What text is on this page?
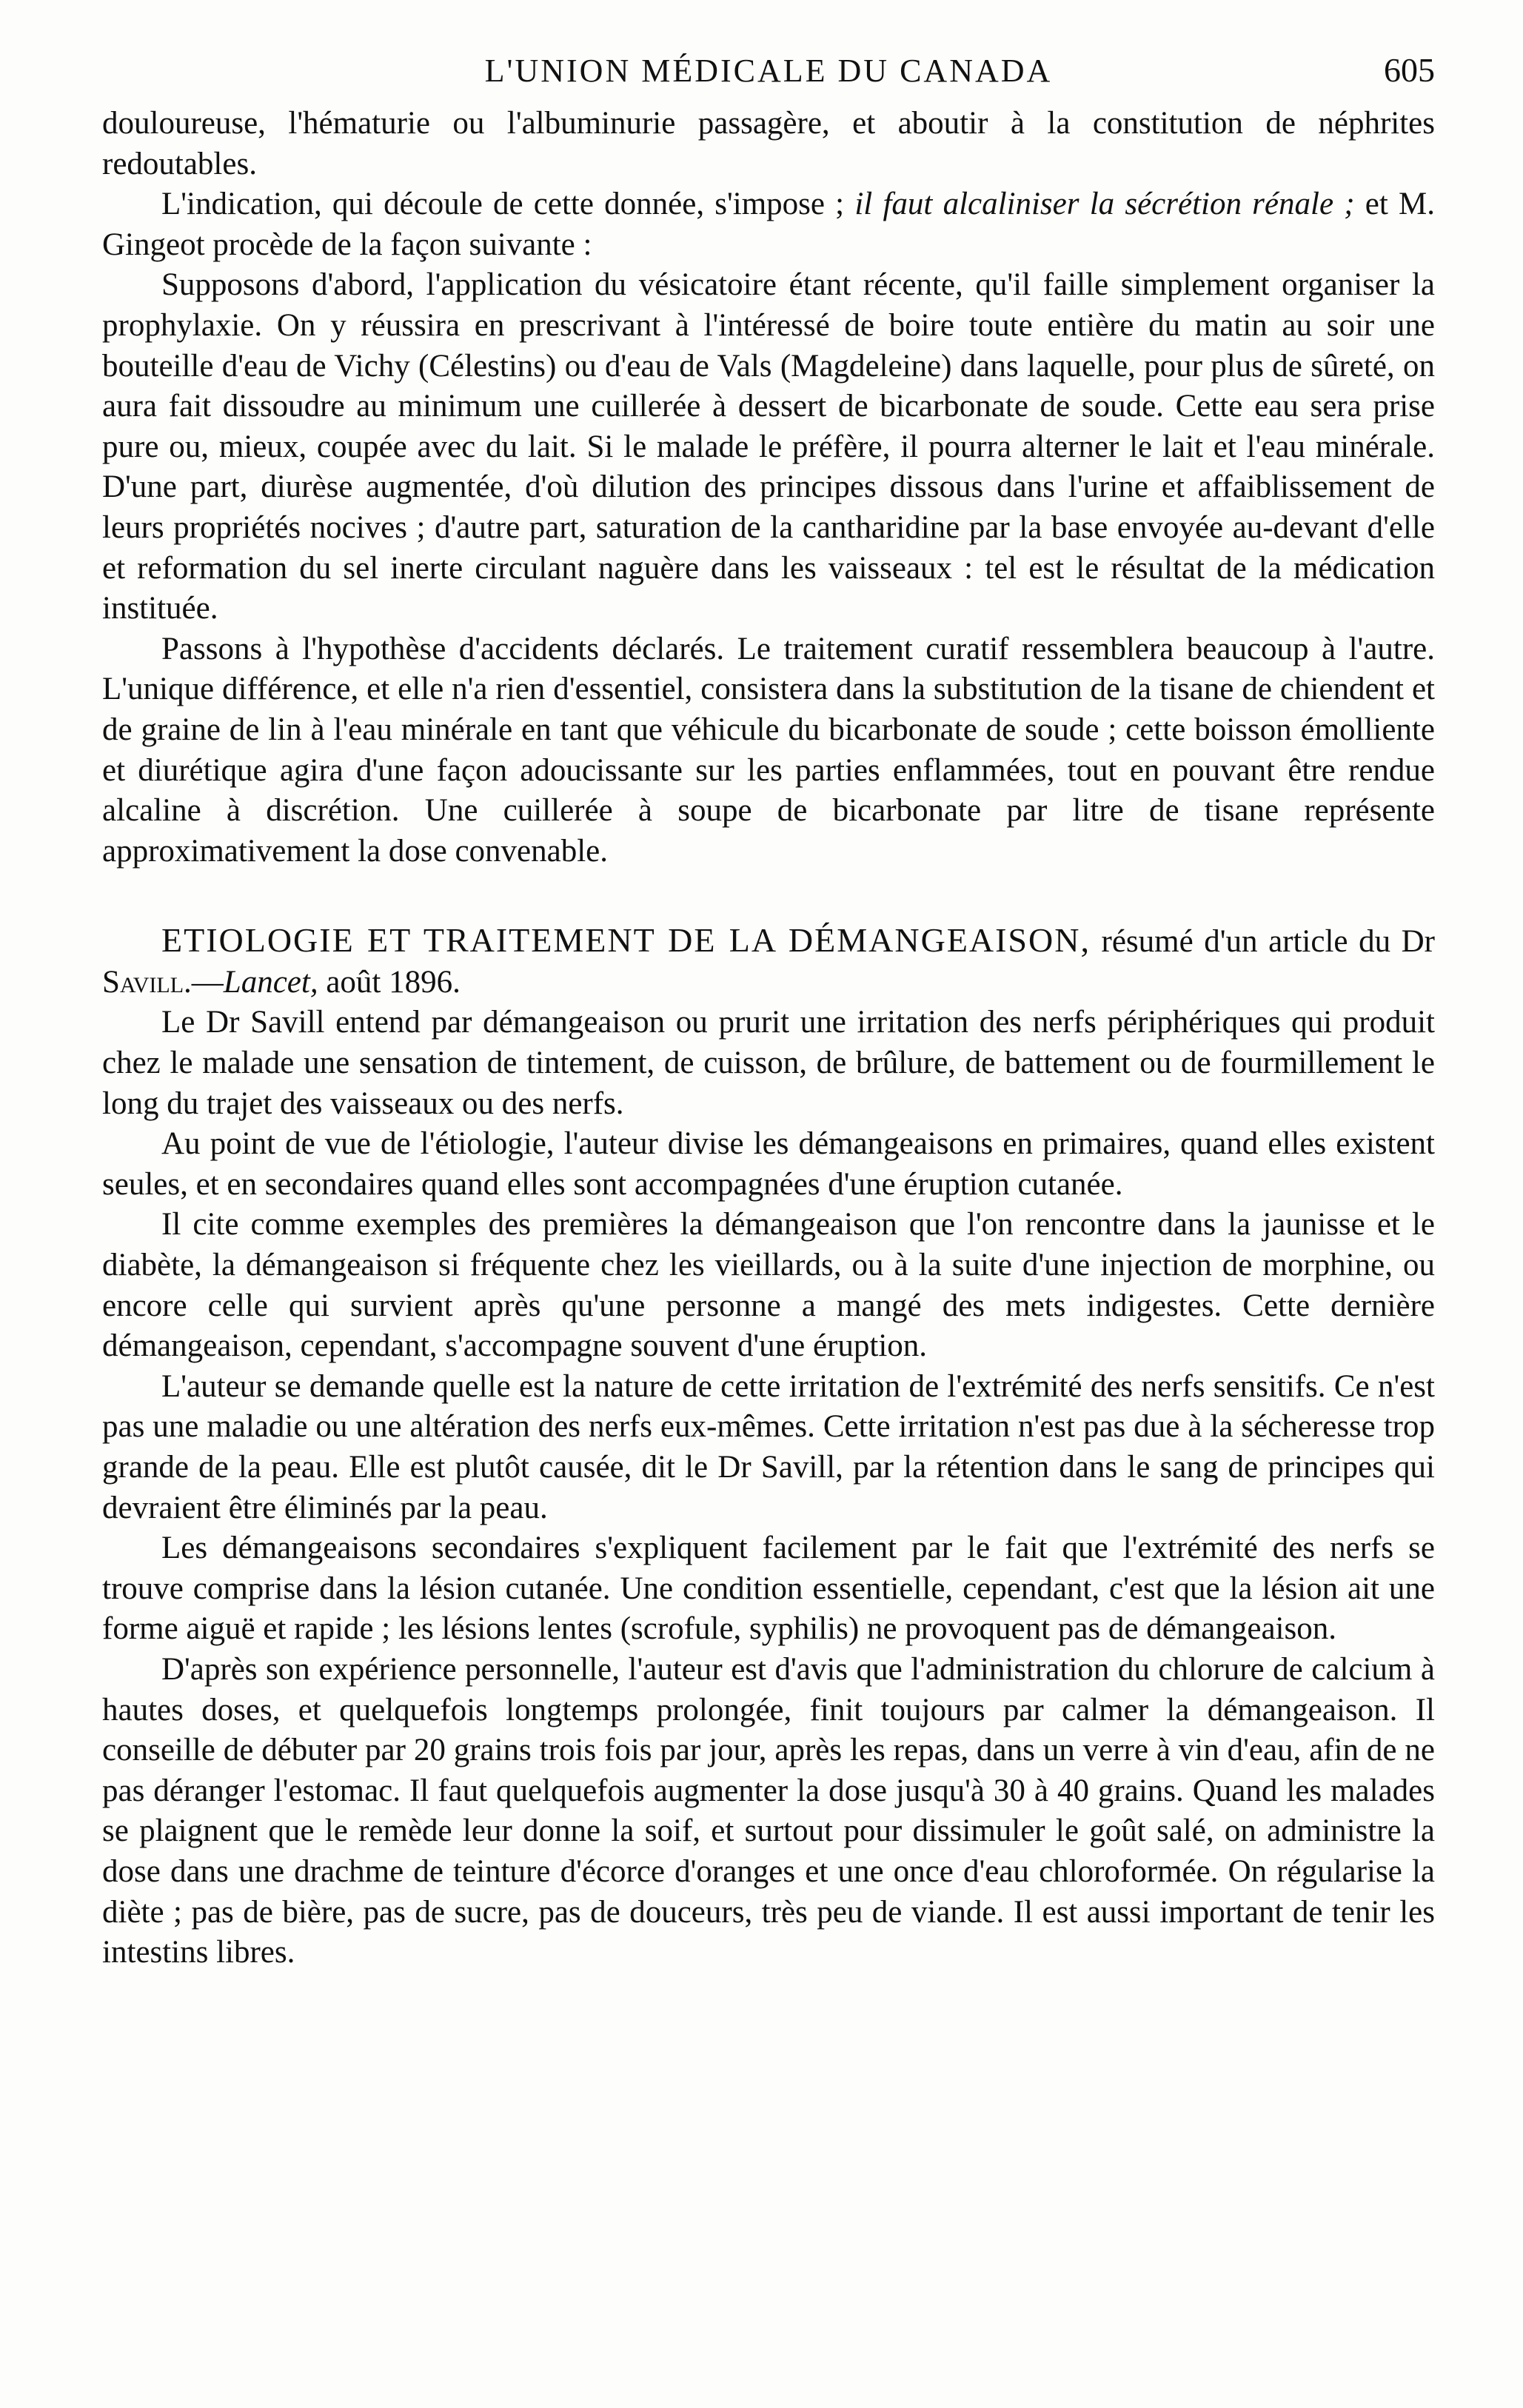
L'UNION MÉDICALE DU CANADA	605

douloureuse, l'hématurie ou l'albuminurie passagère, et aboutir à la constitution de néphrites redoutables.

L'indication, qui découle de cette donnée, s'impose ; il faut alcaliniser la sécrétion rénale ; et M. Gingeot procède de la façon suivante :

Supposons d'abord, l'application du vésicatoire étant récente, qu'il faille simplement organiser la prophylaxie. On y réussira en prescrivant à l'intéressé de boire toute entière du matin au soir une bouteille d'eau de Vichy (Célestins) ou d'eau de Vals (Magdeleine) dans laquelle, pour plus de sûreté, on aura fait dissoudre au minimum une cuillerée à dessert de bicarbonate de soude. Cette eau sera prise pure ou, mieux, coupée avec du lait. Si le malade le préfère, il pourra alterner le lait et l'eau minérale. D'une part, diurèse augmentée, d'où dilution des principes dissous dans l'urine et affaiblissement de leurs propriétés nocives ; d'autre part, saturation de la cantharidine par la base envoyée au-devant d'elle et reformation du sel inerte circulant naguère dans les vaisseaux : tel est le résultat de la médication instituée.

Passons à l'hypothèse d'accidents déclarés. Le traitement curatif ressemblera beaucoup à l'autre. L'unique différence, et elle n'a rien d'essentiel, consistera dans la substitution de la tisane de chiendent et de graine de lin à l'eau minérale en tant que véhicule du bicarbonate de soude ; cette boisson émolliente et diurétique agira d'une façon adoucissante sur les parties enflammées, tout en pouvant être rendue alcaline à discrétion. Une cuillerée à soupe de bicarbonate par litre de tisane représente approximativement la dose convenable.

ETIOLOGIE ET TRAITEMENT DE LA DÉMANGEAISON, résumé d'un article du Dr Savill.—Lancet, août 1896.

Le Dr Savill entend par démangeaison ou prurit une irritation des nerfs périphériques qui produit chez le malade une sensation de tintement, de cuisson, de brûlure, de battement ou de fourmillement le long du trajet des vaisseaux ou des nerfs.

Au point de vue de l'étiologie, l'auteur divise les démangeaisons en primaires, quand elles existent seules, et en secondaires quand elles sont accompagnées d'une éruption cutanée.

Il cite comme exemples des premières la démangeaison que l'on rencontre dans la jaunisse et le diabète, la démangeaison si fréquente chez les vieillards, ou à la suite d'une injection de morphine, ou encore celle qui survient après qu'une personne a mangé des mets indigestes. Cette dernière démangeaison, cependant, s'accompagne souvent d'une éruption.

L'auteur se demande quelle est la nature de cette irritation de l'extrémité des nerfs sensitifs. Ce n'est pas une maladie ou une altération des nerfs eux-mêmes. Cette irritation n'est pas due à la sécheresse trop grande de la peau. Elle est plutôt causée, dit le Dr Savill, par la rétention dans le sang de principes qui devraient être éliminés par la peau.

Les démangeaisons secondaires s'expliquent facilement par le fait que l'extrémité des nerfs se trouve comprise dans la lésion cutanée. Une condition essentielle, cependant, c'est que la lésion ait une forme aiguë et rapide ; les lésions lentes (scrofule, syphilis) ne provoquent pas de démangeaison.

D'après son expérience personnelle, l'auteur est d'avis que l'administration du chlorure de calcium à hautes doses, et quelquefois longtemps prolongée, finit toujours par calmer la démangeaison. Il conseille de débuter par 20 grains trois fois par jour, après les repas, dans un verre à vin d'eau, afin de ne pas déranger l'estomac. Il faut quelquefois augmenter la dose jusqu'à 30 à 40 grains. Quand les malades se plaignent que le remède leur donne la soif, et surtout pour dissimuler le goût salé, on administre la dose dans une drachme de teinture d'écorce d'oranges et une once d'eau chloroformée. On régularise la diète ; pas de bière, pas de sucre, pas de douceurs, très peu de viande. Il est aussi important de tenir les intestins libres.
